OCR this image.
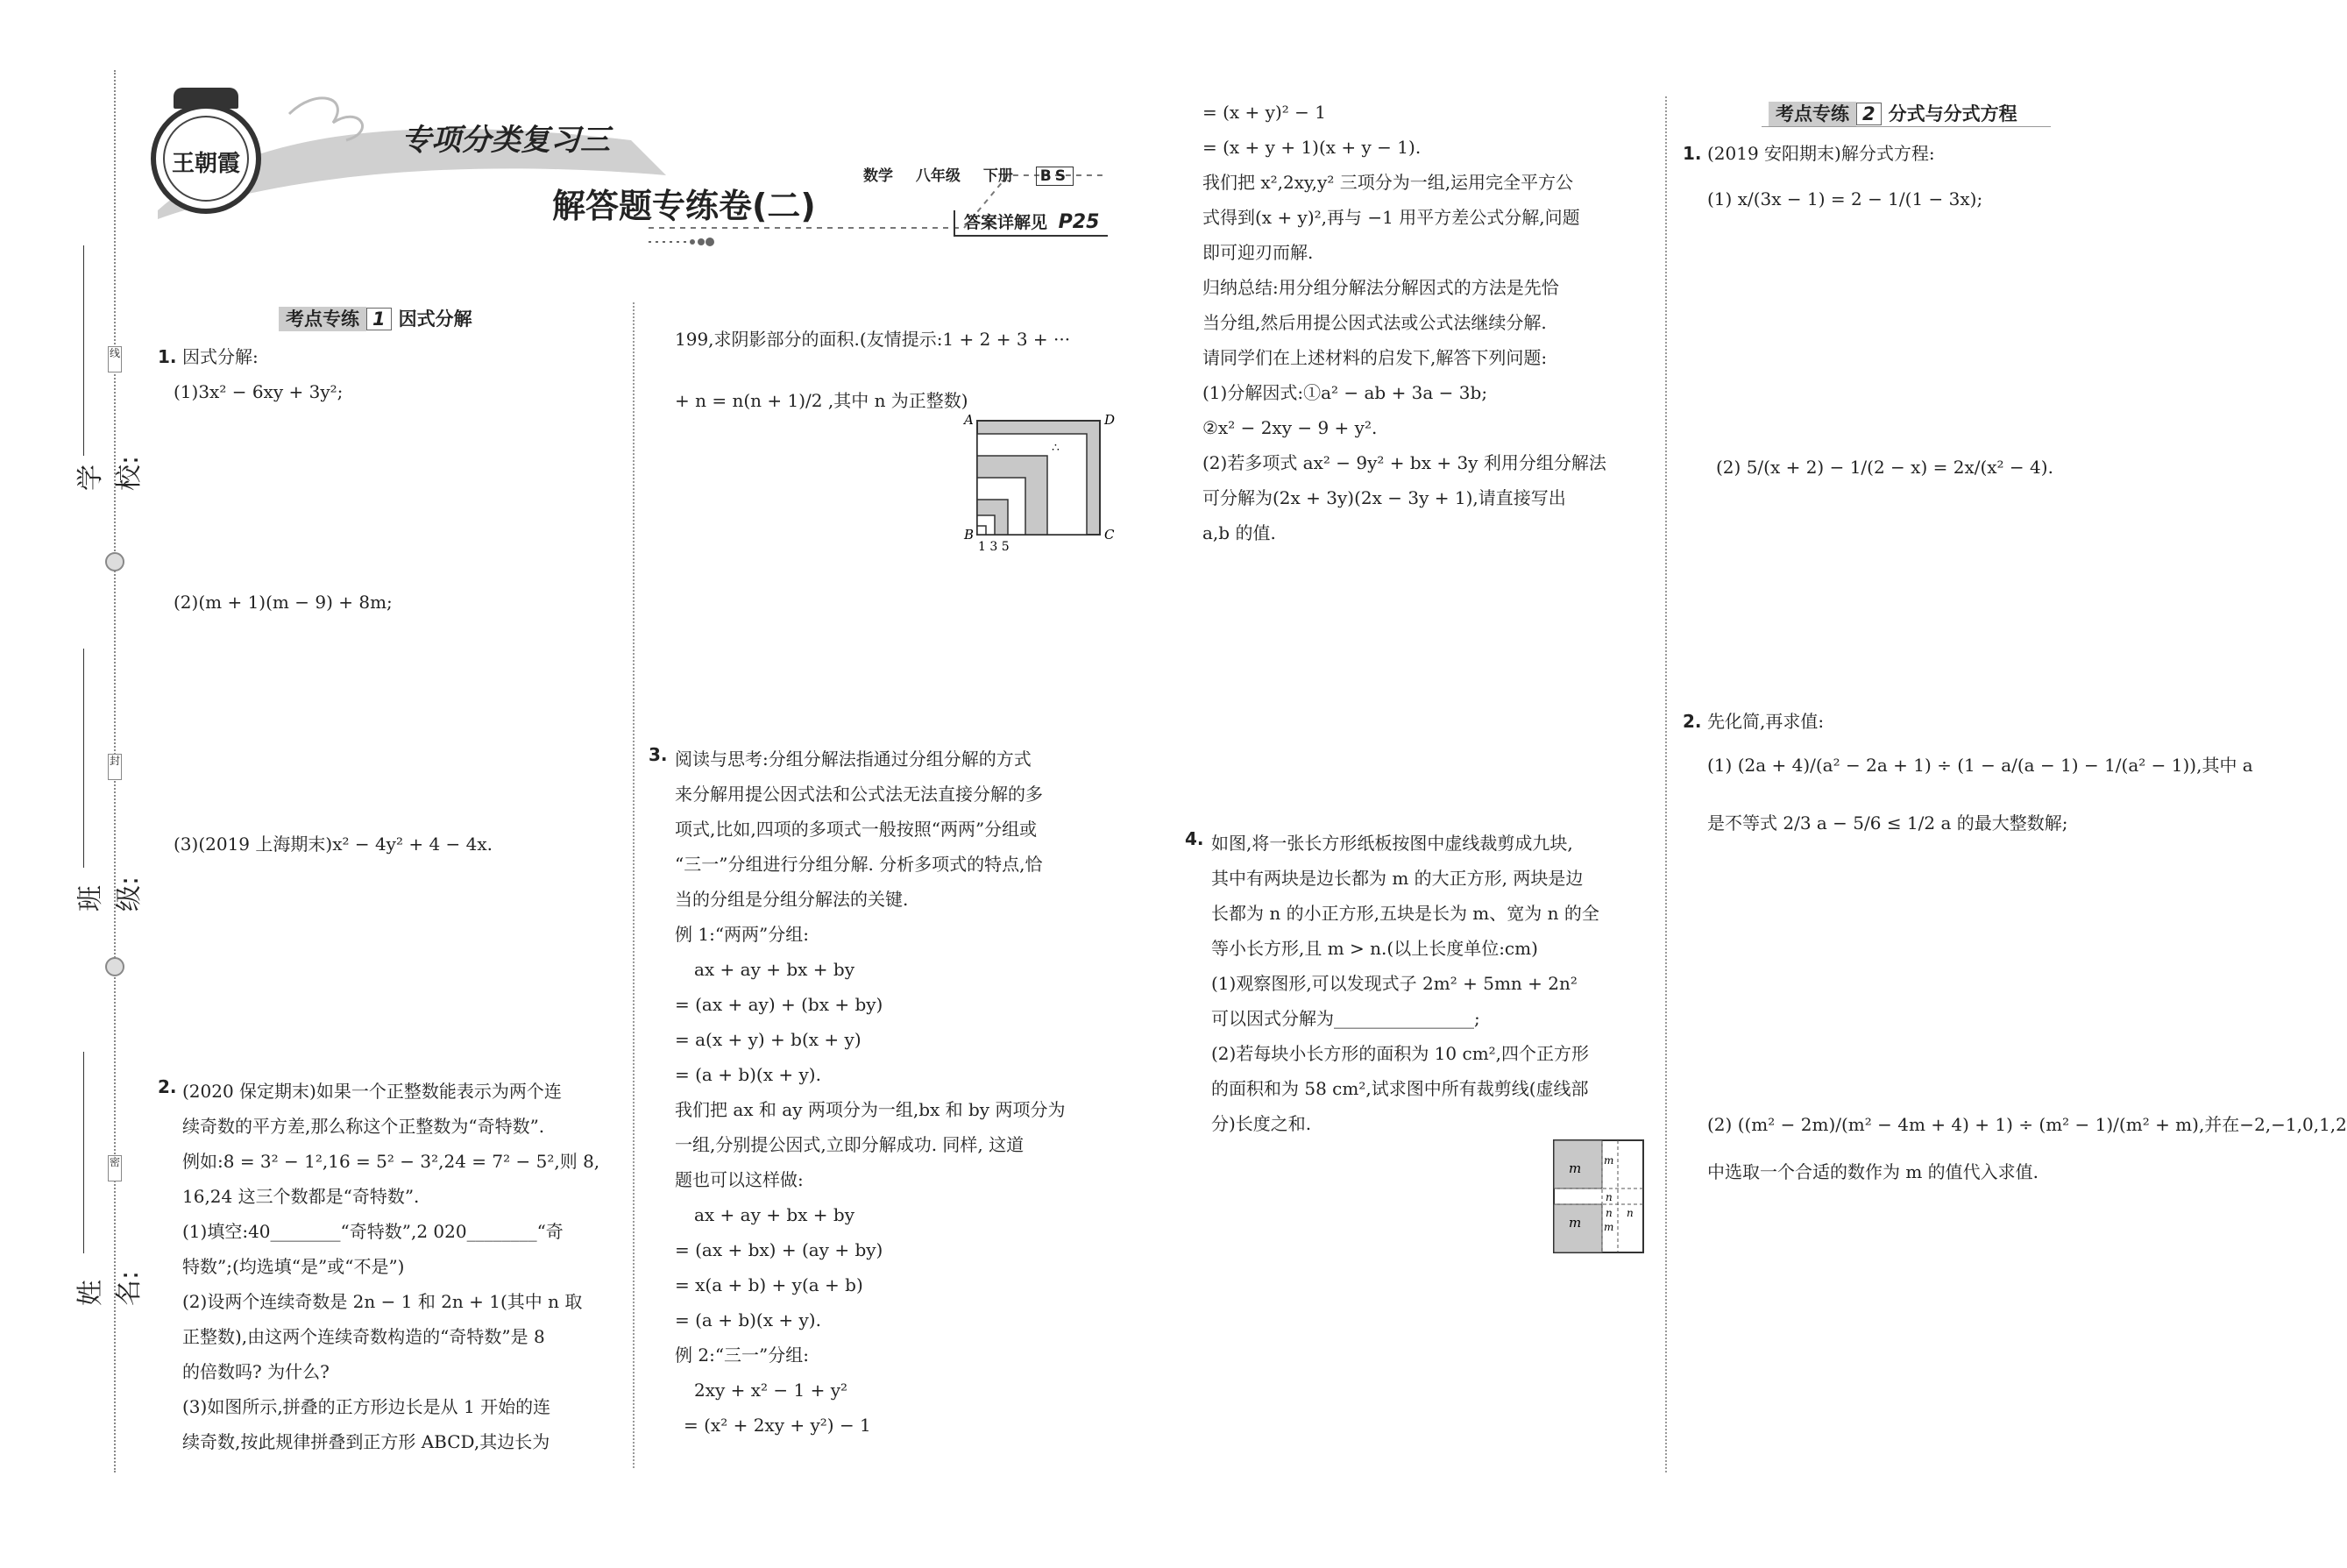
学校:
班级:
姓名:
线
封
密
王朝霞
专项分类复习三
解答题专练卷(二)
数学 八年级 下册 BS
答案详解见 P25
考点专练 1 因式分解
1. 因式分解:
(1)3x² − 6xy + 3y²;
(2)(m + 1)(m − 9) + 8m;
(3)(2019 上海期末)x² − 4y² + 4 − 4x.
2. (2020 保定期末)如果一个正整数能表示为两个连
续奇数的平方差,那么称这个正整数为“奇特数”.
例如:8 = 3² − 1²,16 = 5² − 3²,24 = 7² − 5²,则 8,
16,24 这三个数都是“奇特数”.
(1)填空:40________“奇特数”,2 020________“奇
特数”;(均选填“是”或“不是”)
(2)设两个连续奇数是 2n − 1 和 2n + 1(其中 n 取
正整数),由这两个连续奇数构造的“奇特数”是 8
的倍数吗? 为什么?
(3)如图所示,拼叠的正方形边长是从 1 开始的连
续奇数,按此规律拼叠到正方形 ABCD,其边长为
199,求阴影部分的面积.(友情提示:1 + 2 + 3 + ···
+ n = n(n + 1)/2 ,其中 n 为正整数)
A	D
B	C
1 3 5
∴
3. 阅读与思考:分组分解法指通过分组分解的方式
来分解用提公因式法和公式法无法直接分解的多
项式,比如,四项的多项式一般按照“两两”分组或
“三一”分组进行分组分解. 分析多项式的特点,恰
当的分组是分组分解法的关键.
例 1:“两两”分组:
ax + ay + bx + by
= (ax + ay) + (bx + by)
= a(x + y) + b(x + y)
= (a + b)(x + y).
我们把 ax 和 ay 两项分为一组,bx 和 by 两项分为
一组,分别提公因式,立即分解成功. 同样, 这道
题也可以这样做:
ax + ay + bx + by
= (ax + bx) + (ay + by)
= x(a + b) + y(a + b)
= (a + b)(x + y).
例 2:“三一”分组:
2xy + x² − 1 + y²
= (x² + 2xy + y²) − 1
= (x + y)² − 1
= (x + y + 1)(x + y − 1).
我们把 x²,2xy,y² 三项分为一组,运用完全平方公
式得到(x + y)²,再与 −1 用平方差公式分解,问题
即可迎刃而解.
归纳总结:用分组分解法分解因式的方法是先恰
当分组,然后用提公因式法或公式法继续分解.
请同学们在上述材料的启发下,解答下列问题:
(1)分解因式:①a² − ab + 3a − 3b;
②x² − 2xy − 9 + y².
(2)若多项式 ax² − 9y² + bx + 3y 利用分组分解法
可分解为(2x + 3y)(2x − 3y + 1),请直接写出
a,b 的值.
4. 如图,将一张长方形纸板按图中虚线裁剪成九块,
其中有两块是边长都为 m 的大正方形, 两块是边
长都为 n 的小正方形,五块是长为 m、宽为 n 的全
等小长方形,且 m > n.(以上长度单位:cm)
(1)观察图形,可以发现式子 2m² + 5mn + 2n²
可以因式分解为________________;
(2)若每块小长方形的面积为 10 cm²,四个正方形
的面积和为 58 cm²,试求图中所有裁剪线(虚线部
分)长度之和.
m
m
m
n
n
m
n
考点专练 2 分式与分式方程
1. (2019 安阳期末)解分式方程:
(1) x/(3x − 1) = 2 − 1/(1 − 3x);
(2) 5/(x + 2) − 1/(2 − x) = 2x/(x² − 4).
2. 先化简,再求值:
(1) (2a + 4)/(a² − 2a + 1) ÷ (1 − a/(a − 1) − 1/(a² − 1)),其中 a
是不等式 2/3 a − 5/6 ≤ 1/2 a 的最大整数解;
(2) ((m² − 2m)/(m² − 4m + 4) + 1) ÷ (m² − 1)/(m² + m),并在−2,−1,0,1,2
中选取一个合适的数作为 m 的值代入求值.
